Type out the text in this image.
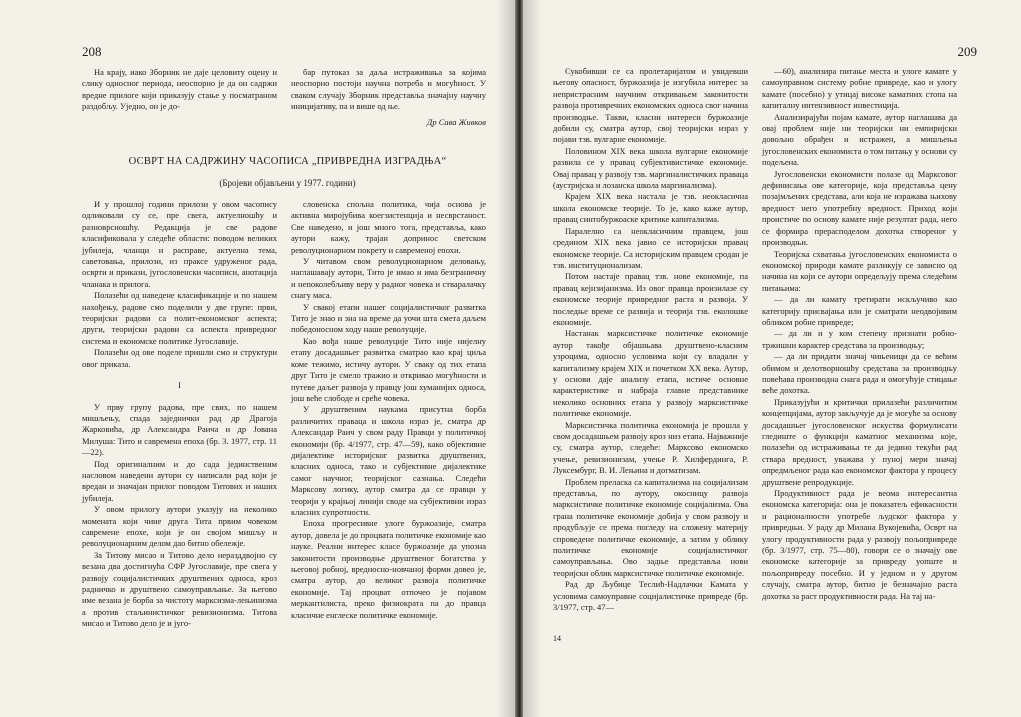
208

На крају, иако Зборник не даје целовиту оцену и слику односног периода, неоспорно је да он садржи вредне прилоге који приказују стање у посматраном раздобљу. Уједно, он је до-

бар путоказ за даља истраживања за којима неоспорно постоји научна потреба и могућност. У сваком случају Зборник представља значајну научну иницијативу, па и више од ње.

Др Сава Живков

ОСВРТ НА САДРЖИНУ ЧАСОПИСА „ПРИВРЕДНА ИЗГРАДЊА“
(Бројеви објављени у 1977. години)

И у прошлој години прилози у овом часопису одликовали су се, пре свега, актуелношћу и разноврсношћу. Редакција је све радове класификовала у следеће области: поводом великих јубилеја, чланци и расправе, актуелна тема, саветовања, прилози, из праксе удруженог рада, осврти и прикази, југословенски часописи, анотација чланака и прилога.

Полазећи од наведене класификације и по нашем нахођењу, радове смо поделили у две групе: први, теоријски радови са полит-економског аспекта; други, теоријски радови са аспекта привредног система и економске политике Југославије.

Полазећи од ове поделе пришли смо и структури овог приказа.

I

У прву групу радова, пре свих, по нашем мишљењу, спада заједнички рад др Драгоја Жарковића, др Александра Раича и др Јована Милуша: Тито и савремена епоха (бр. 3. 1977, стр. 11—22).

Под оригиналним и до сада јединственим насловом наведени аутори су написали рад који је вредан и значајан прилог поводом Титових и наших јубилеја.

У овом прилогу аутори указују на неколико момената који чине друга Тита првим човеком савремене епохе, који је он својом мишљу и револуционарним делом дао битно обележје.

За Титову мисао и Титово дело неразддвојно су везана два достигнућа СФР Југославије, пре свега у развоју социјалистичких друштвених односа, кроз радничко и друштвено самоуправљање. За његово име везана је борба за чистоту марксизма-лењинизма а против стаљинистичког ревизионизма. Титова мисао и Титово дело је и југо-

словенска спољна политика, чија основа је активна миројубива коегзистенција и несврстаност. Све наведено, и још много тога, представља, како аутори кажу, трајан допринос светском револуционарном покрету и савременој епохи.

У читавом свом револуционарном деловању, наглашавају аутори, Тито је имао и има безграничну и непоколебљиву веру у радног човека и стваралачку снагу маса.

У свакој етапи нашег социјалистичког развитка Тито је знао и зна на време да уочи шта смета даљем победоносном ходу наше револуције.

Као вођа наше револуције Тито није нијелну етапу досадашњег развитка сматрао као крај циља коме тежимо, истичу аутори. У сваку од тих етапа друг Тито је смело тражио и откривао могућности и путеве даљег развоја у правцу још хуманијих односа, још веће слободе и среће човека.

У друштвеним наукама присутна борба различитих праваца и школа израз је, сматра др Александар Раич у свом раду Правци у политичкој економији (бр. 4/1977, стр. 47—59), како објективне дијалектике историјског развитка друштвених, класних односа, тако и субјективне дијалектике самог научног, теоријског сазнања. Следећи Марксову логику, аутор сматра да се правци у теорији у крајњој линији своде на субјективни израз класних супротности.

Епоха прогресивне улоге буржоазије, сматра аутор, довела је до процвата политичке економије као науке. Реални интерес класе буржоазије да упозна законитости производње друштвеног богатства у његовој робној, вредносно-новчаној форми довео је, сматра аутор, до великог развоја политичке економије. Тај процват отпочео је појавом меркантилиста, преко физиократа па до правца класичне енглеске политичке економије.

209

Сукобивши се са пролетаријатом и увидевши његову опасност, буржоазија је изгубила интерес за непристрасним научним откривањем законитости развоја противречних економских односа свог начина производње. Такви, класни интереси буржоазије добили су, сматра аутор, свој теоријски израз у појави тзв. вулгарне економије.

Половином XIX века школа вулгарне економије развила се у правац субјективистичке економије. Овај правац у развоју тзв. маргиналистичких праваца (аустријска и лозанска школа маргинализма).

Крајем XIX века настала је тзв. неокласична школа економске теорије. То је, како каже аутор, правац синтобуржоаске критике капитализма.

Паралелно са неокласичним правцем, још средином XIX века јавио се историјски правац економске теорије. Са историјским правцем сродан је тзв. институционализам.

Потом настаје правац тзв. нове економије, па правац кејнзијанизма. Из овог правца произилазе су економске теорије привредног раста и развоја. У последње време се развија и теорија тзв. еколошке економије.

Настанак марксистичке политичке економије аутор такође објашњава друштвено-класним узроцима, односно условима који су владали у капитализму крајем XIX и почетком XX века. Аутор, у основи даје анализу етапа, истиче основне карактеристике и набраја главне представнике неколико основних етапа у развоју марксистичке политичке економије.

Марксистичка политичка економија је прошла у свом досадашњем развоју кроз низ етапа. Најважније су, сматра аутор, следеће: Марксово економско учење, ревизионизам, учење Р. Хилфердинга, Р. Луксембург, В. И. Лењина и догматизам.

Проблем преласка са капитализма на социјализам представља, по аутору, окосницу развоја марксистичке политичке економије социјализма. Ова грана политичке економије добија у свом развоју и продубљује се према погледу на сложену материју спроведене политичке економије, а затим у облику политичке економије социјалистичког самоуправљања. Ово задње представља нови теоријски облик марксистичке политичке економије.

Рад др Љубице Теслић-Надлачки Камата у условима самоуправне социјалистичке привреде (бр. 3/1977, стр. 47—

—60), анализира питање места и улоге камате у самоуправном систему робне привреде, као и улогу камате (посебно) у утицај високе каматних стопа на капиталну интензивност инвестиција.

Анализирајући појам камате, аутор наглашава да овај проблем није ни теоријски ни емпиријски довољно обрађен и истражен, а мишљења југословенских економиста о том питању у основи су подељена.

Југословенски економисти полазе од Марксовог дефинисања ове категорије, која представља цену позајмљених средстава, али која не изражава њихову вредност него употребну вредност. Приход који проистиче по основу камате није резултат рада, него се формира прерасподелом дохотка створеног у производњи.

Теоријска схватања југословенских економиста о економској природи камате разликују се зависно од начина на који се аутори опредељују према следећим питањима:

— да ли камату третирати искључиво као категорију присвајања или је сматрати неодвојивим обликом робне привреде;

— да ли и у ком степену признати робно-тржишни карактер средстава за производњу;

— да ли придати значај чињеници да се већим обимом и делотворношћу средстава за производњу повећава производна снага рада и омогућује стицање веће дохотка.

Приказујући и критички прилазећи различитим концепцијама, аутор закључује да је могуће за основу досадашњег југословенског искуства формулисати гледиште о функцији каматног механизма које, полазећи од истраживања те да једино текући рад ствара вредност, уважава у пуној мери значај опредмљеног рада као економског фактора у процесу друштвене репродукције.

Продуктивност рада је веома интересантна економска категорија: она је показатељ ефикасности и рационалности употребе људског фактора у привредњи. У раду др Милана Вукојевића, Осврт на улогу продуктивности рада у развоју пољопривреде (бр. 3/1977, стр. 75—80), говори се о значају ове економске категорије за привреду уопште и пољопривреду посебно. И у једном и у другом случају, сматра аутор, битно је безначајно раста дохотка за раст продуктивности рада. На тај на-

14
